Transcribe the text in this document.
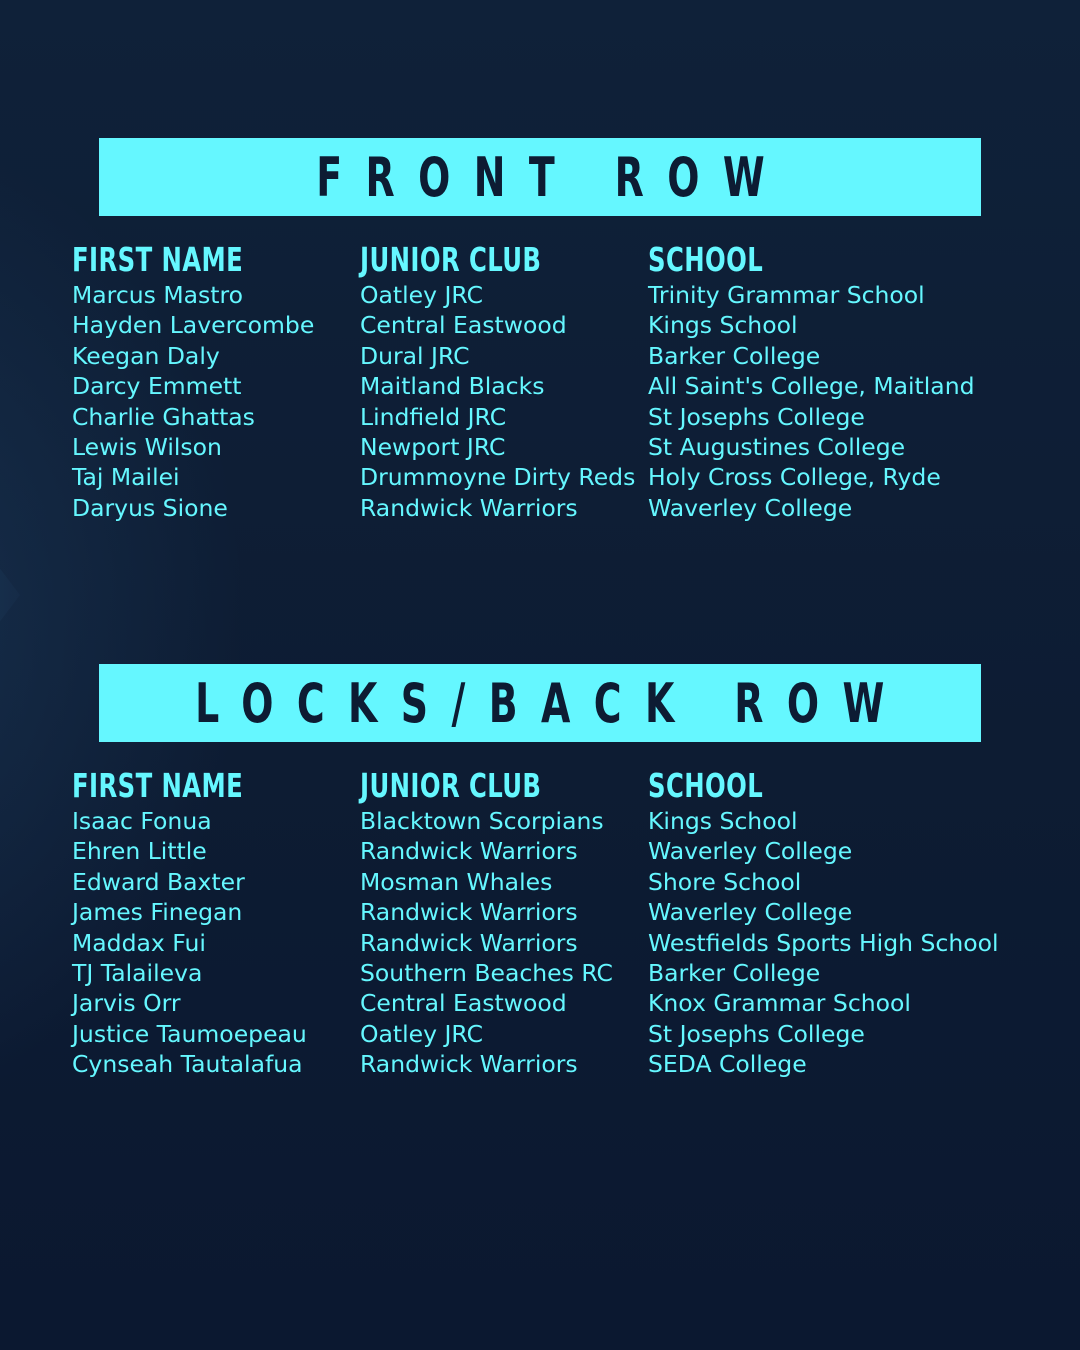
FRONT ROW
FIRST NAME
Marcus Mastro
Hayden Lavercombe
Keegan Daly
Darcy Emmett
Charlie Ghattas
Lewis Wilson
Taj Mailei
Daryus Sione
JUNIOR CLUB
Oatley JRC
Central Eastwood
Dural JRC
Maitland Blacks
Lindfield JRC
Newport JRC
Drummoyne Dirty Reds
Randwick Warriors
SCHOOL
Trinity Grammar School
Kings School
Barker College
All Saint's College, Maitland
St Josephs College
St Augustines College
Holy Cross College, Ryde
Waverley College
LOCKS/BACK ROW
FIRST NAME
Isaac Fonua
Ehren Little
Edward Baxter
James Finegan
Maddax Fui
TJ Talaileva
Jarvis Orr
Justice Taumoepeau
Cynseah Tautalafua
JUNIOR CLUB
Blacktown Scorpians
Randwick Warriors
Mosman Whales
Randwick Warriors
Randwick Warriors
Southern Beaches RC
Central Eastwood
Oatley JRC
Randwick Warriors
SCHOOL
Kings School
Waverley College
Shore School
Waverley College
Westfields Sports High School
Barker College
Knox Grammar School
St Josephs College
SEDA College
